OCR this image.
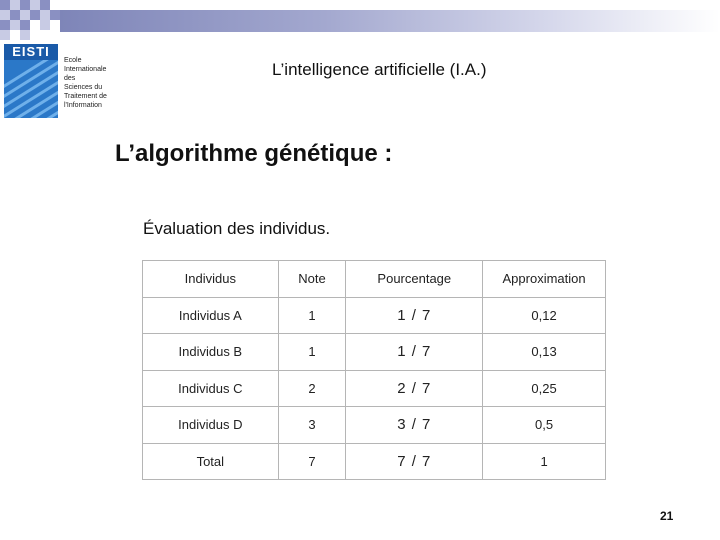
EISTI
Ecole
Internationale
des
Sciences du
Traitement de
l'Information
L’intelligence artificielle (I.A.)
L’algorithme génétique :
Évaluation des individus.
Individus	Note	Pourcentage	Approximation
Individus A	1	1 / 7	0,12
Individus B	1	1 / 7	0,13
Individus C	2	2 / 7	0,25
Individus D	3	3 / 7	0,5
Total	7	7 / 7	1
21
